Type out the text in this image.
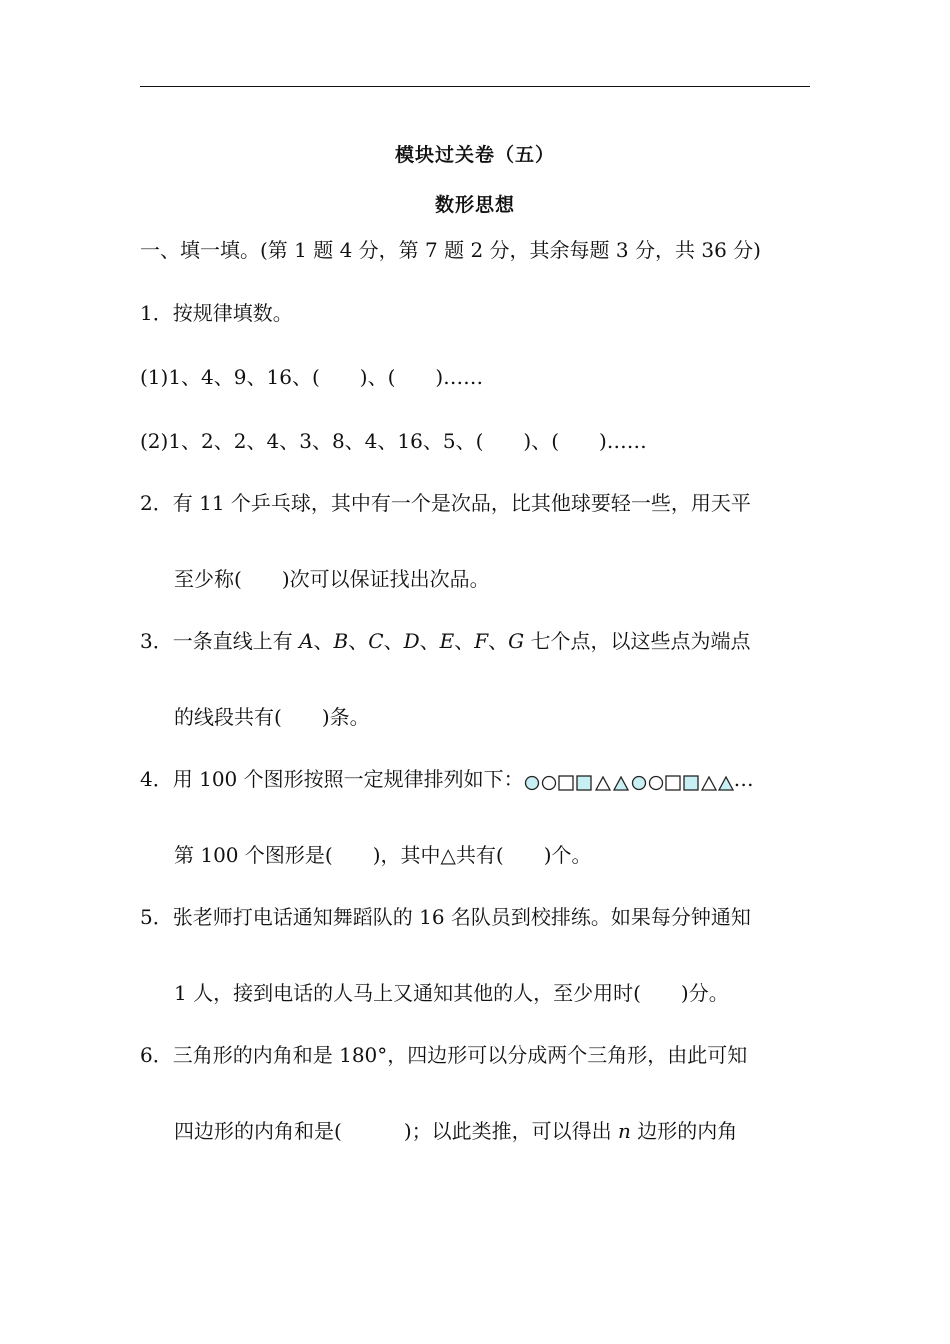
模块过关卷（五）
数形思想
一、填一填。(第 1 题 4 分，第 7 题 2 分，其余每题 3 分，共 36 分)
1．按规律填数。
(1)1、4、9、16、( )、( )……
(2)1、2、2、4、3、8、4、16、5、( )、( )……
2．有 11 个乒乓球，其中有一个是次品，比其他球要轻一些，用天平
至少称( )次可以保证找出次品。
3．一条直线上有 A、B、C、D、E、F、G 七个点，以这些点为端点
的线段共有( )条。
4．用 100 个图形按照一定规律排列如下：	…
第 100 个图形是( )，其中△共有( )个。
5．张老师打电话通知舞蹈队的 16 名队员到校排练。如果每分钟通知
1 人，接到电话的人马上又通知其他的人，至少用时( )分。
6．三角形的内角和是 180°，四边形可以分成两个三角形，由此可知
四边形的内角和是(	)；以此类推，可以得出 n 边形的内角
